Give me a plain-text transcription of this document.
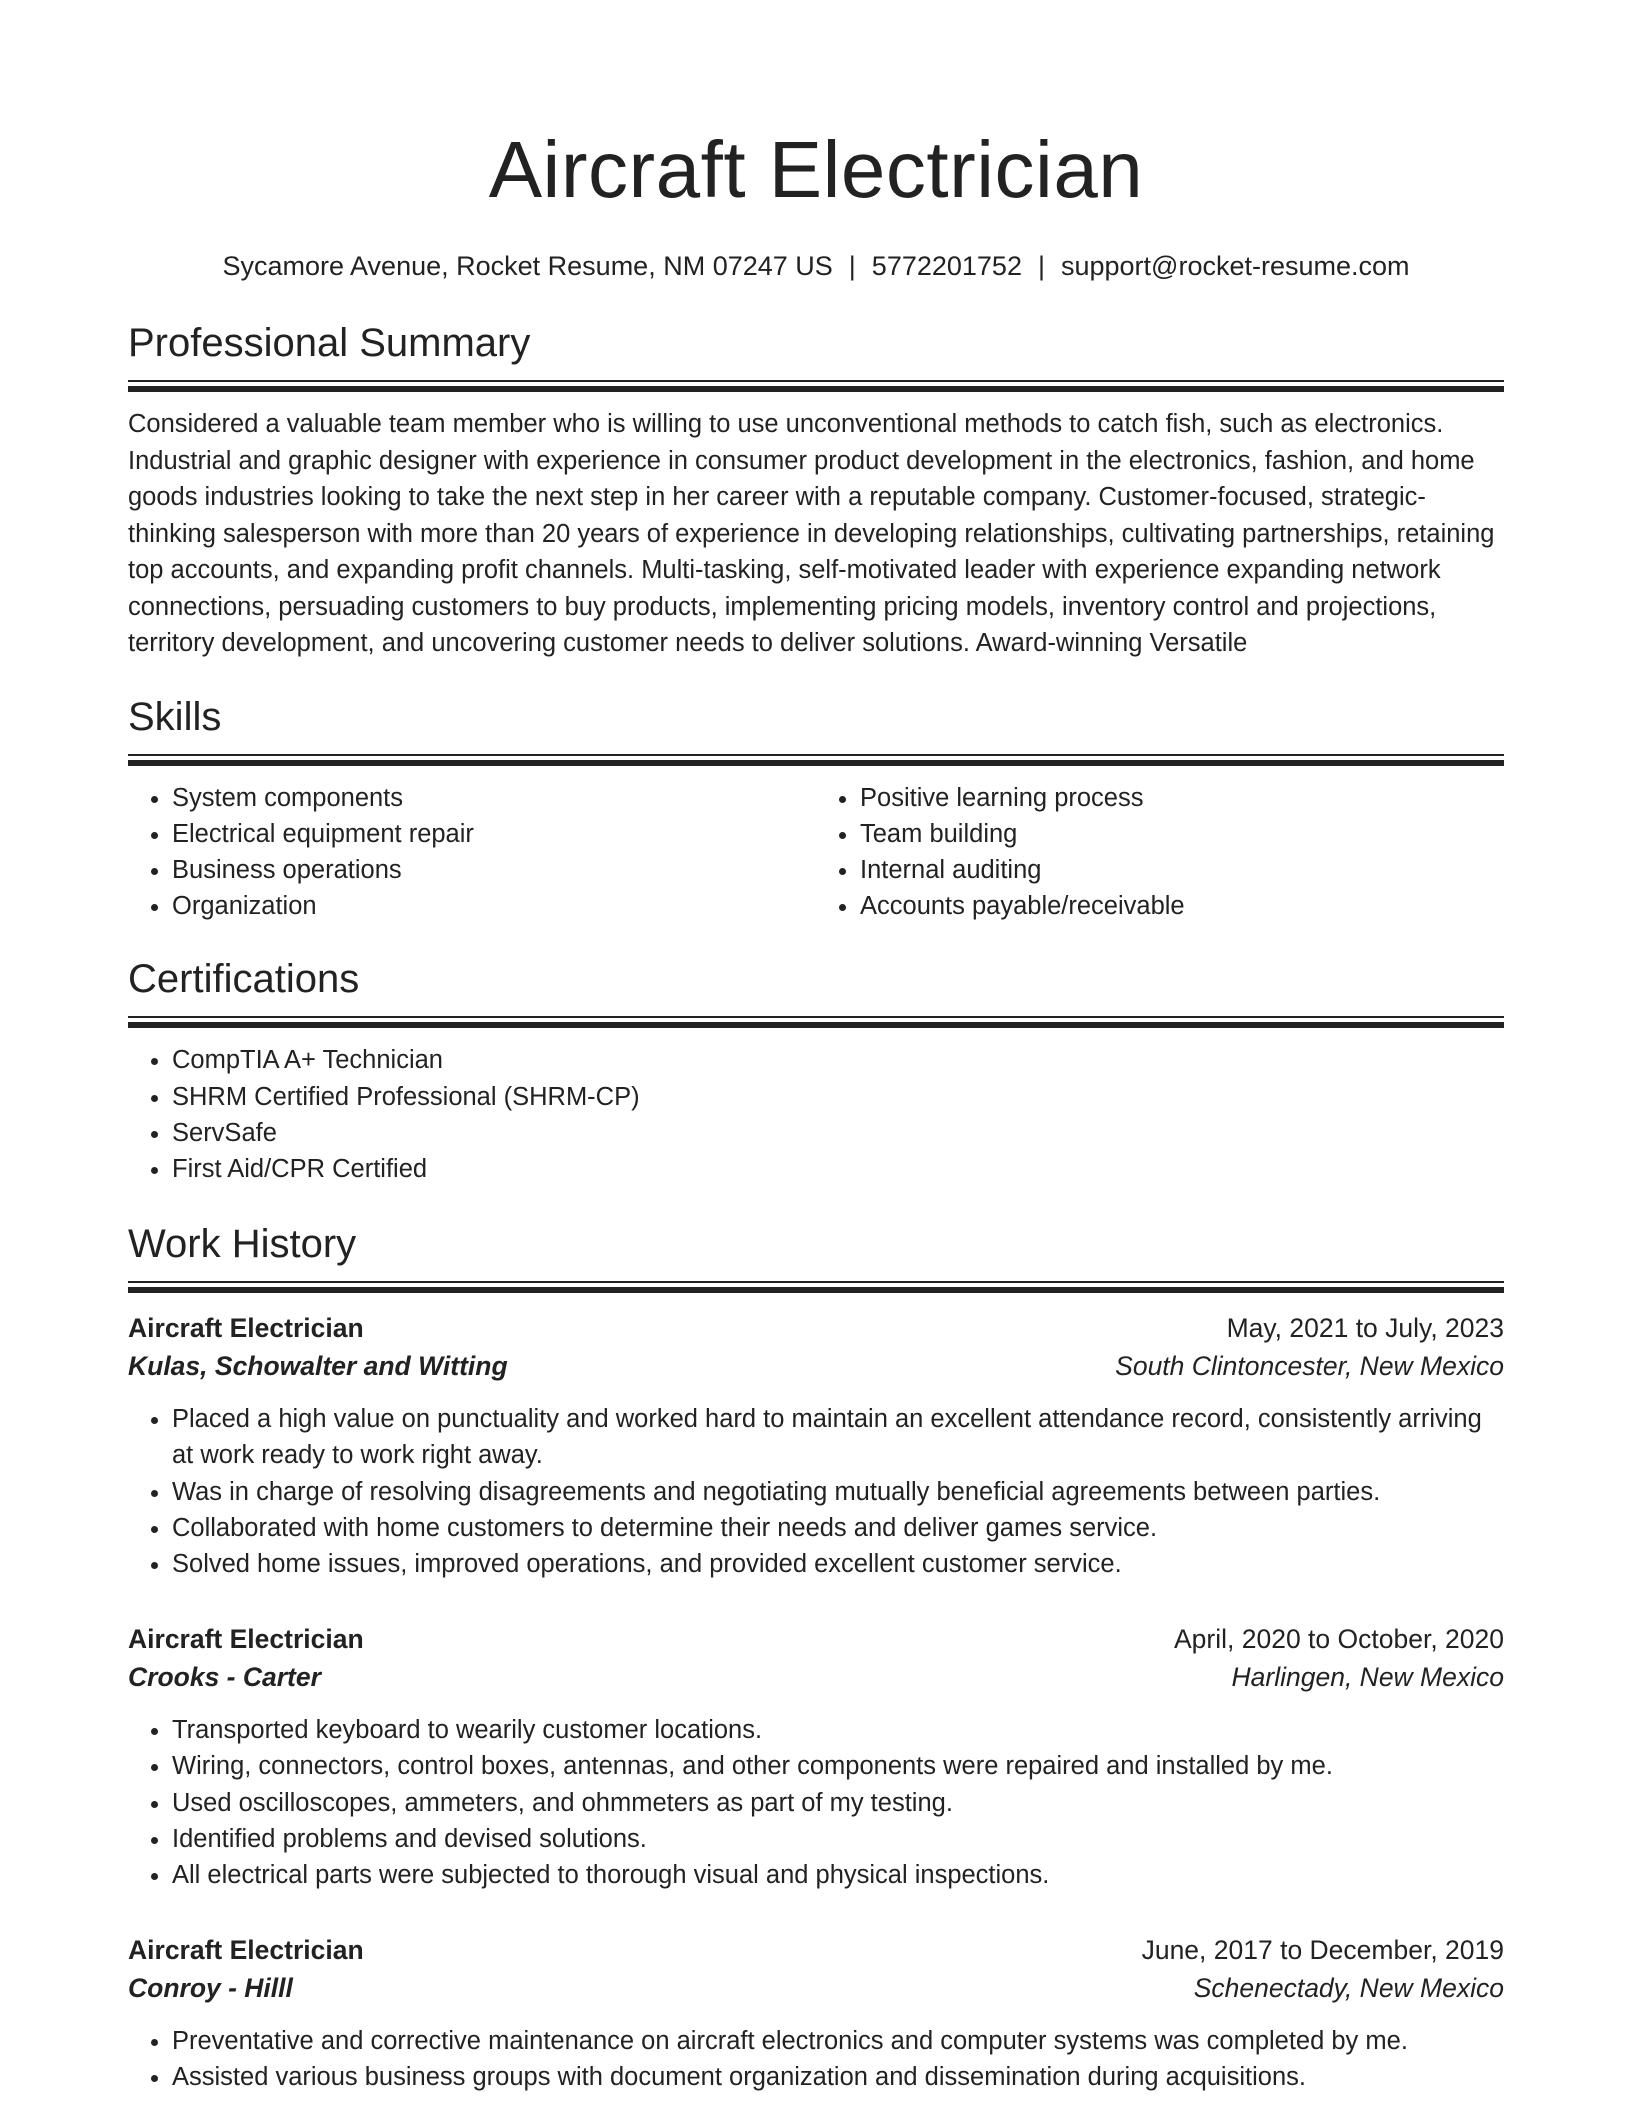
Aircraft Electrician
Sycamore Avenue, Rocket Resume, NM 07247 US | 5772201752 | support@rocket-resume.com
Professional Summary

Considered a valuable team member who is willing to use unconventional methods to catch fish, such as electronics. Industrial and graphic designer with experience in consumer product development in the electronics, fashion, and home goods industries looking to take the next step in her career with a reputable company. Customer-focused, strategic-thinking salesperson with more than 20 years of experience in developing relationships, cultivating partnerships, retaining top accounts, and expanding profit channels. Multi-tasking, self-motivated leader with experience expanding network connections, persuading customers to buy products, implementing pricing models, inventory control and projections, territory development, and uncovering customer needs to deliver solutions. Award-winning Versatile

Skills
• System components
• Electrical equipment repair
• Business operations
• Organization
• Positive learning process
• Team building
• Internal auditing
• Accounts payable/receivable
Certifications
• CompTIA A+ Technician
• SHRM Certified Professional (SHRM-CP)
• ServSafe
• First Aid/CPR Certified
Work History
Aircraft Electrician	May, 2021 to July, 2023
Kulas, Schowalter and Witting	South Clintoncester, New Mexico
• Placed a high value on punctuality and worked hard to maintain an excellent attendance record, consistently arriving at work ready to work right away.
• Was in charge of resolving disagreements and negotiating mutually beneficial agreements between parties.
• Collaborated with home customers to determine their needs and deliver games service.
• Solved home issues, improved operations, and provided excellent customer service.
Aircraft Electrician	April, 2020 to October, 2020
Crooks - Carter	Harlingen, New Mexico
• Transported keyboard to wearily customer locations.
• Wiring, connectors, control boxes, antennas, and other components were repaired and installed by me.
• Used oscilloscopes, ammeters, and ohmmeters as part of my testing.
• Identified problems and devised solutions.
• All electrical parts were subjected to thorough visual and physical inspections.
Aircraft Electrician	June, 2017 to December, 2019
Conroy - Hilll	Schenectady, New Mexico
• Preventative and corrective maintenance on aircraft electronics and computer systems was completed by me.
• Assisted various business groups with document organization and dissemination during acquisitions.
